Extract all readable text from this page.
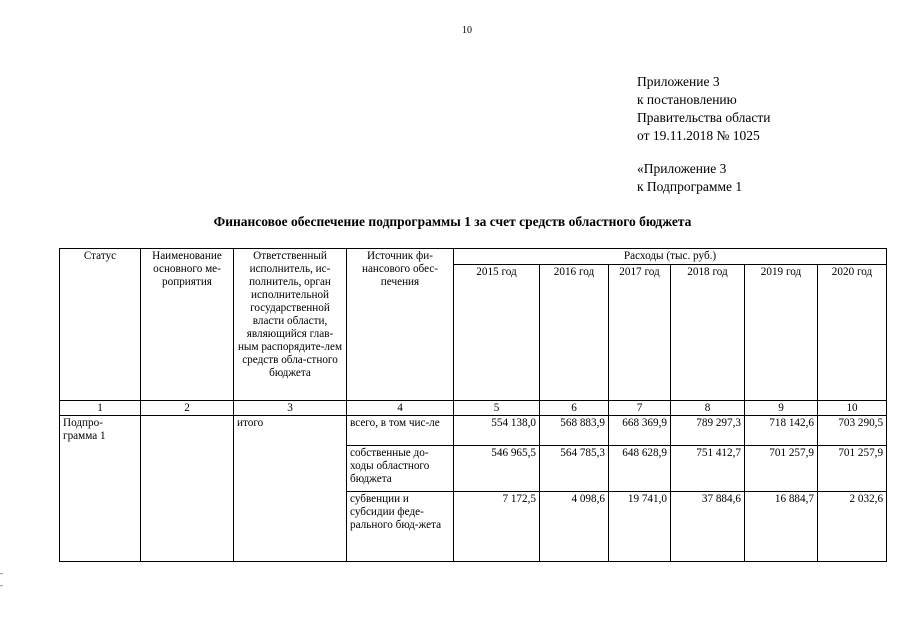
10
Приложение 3
к постановлению
Правительства области
от 19.11.2018 № 1025
«Приложение 3
к Подпрограмме 1
Финансовое обеспечение подпрограммы 1 за счет средств областного бюджета
Статус	Наименование основного ме-роприятия	Ответственный исполнитель, ис-полнитель, орган исполнительной государственной власти области, являющийся глав-ным распорядите-лем средств обла-стного бюджета	Источник фи-нансового обес-печения	Расходы (тыс. руб.)					
				2015 год	2016 год	2017 год	2018 год	2019 год	2020 год
1	2	3	4	5	6	7	8	9	10
Подпро-грамма 1		итого	всего, в том чис-ле	554 138,0	568 883,9	668 369,9	789 297,3	718 142,6	703 290,5
			собственные до-ходы областного бюджета	546 965,5	564 785,3	648 628,9	751 412,7	701 257,9	701 257,9
			субвенции и субсидии феде-рального бюд-жета	7 172,5	4 098,6	19 741,0	37 884,6	16 884,7	2 032,6
-
-
